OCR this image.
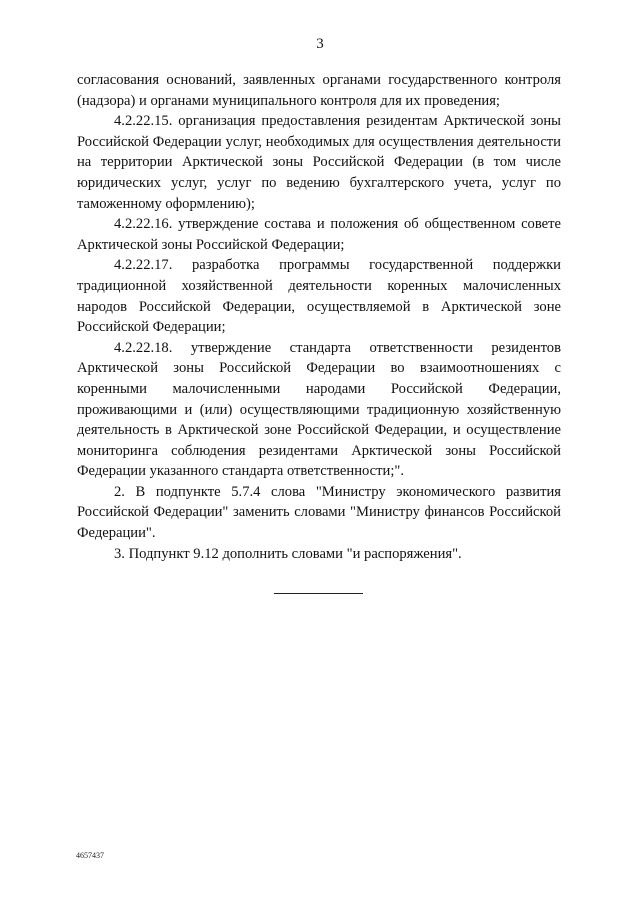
3

согласования оснований, заявленных органами государственного контроля (надзора) и органами муниципального контроля для их проведения;

4.2.22.15. организация предоставления резидентам Арктической зоны Российской Федерации услуг, необходимых для осуществления деятельности на территории Арктической зоны Российской Федерации (в том числе юридических услуг, услуг по ведению бухгалтерского учета, услуг по таможенному оформлению);

4.2.22.16. утверждение состава и положения об общественном совете Арктической зоны Российской Федерации;

4.2.22.17. разработка программы государственной поддержки традиционной хозяйственной деятельности коренных малочисленных народов Российской Федерации, осуществляемой в Арктической зоне Российской Федерации;

4.2.22.18. утверждение стандарта ответственности резидентов Арктической зоны Российской Федерации во взаимоотношениях с коренными малочисленными народами Российской Федерации, проживающими и (или) осуществляющими традиционную хозяйственную деятельность в Арктической зоне Российской Федерации, и осуществление мониторинга соблюдения резидентами Арктической зоны Российской Федерации указанного стандарта ответственности;".

2. В подпункте 5.7.4 слова "Министру экономического развития Российской Федерации" заменить словами "Министру финансов Российской Федерации".

3. Подпункт 9.12 дополнить словами "и распоряжения".

4657437
